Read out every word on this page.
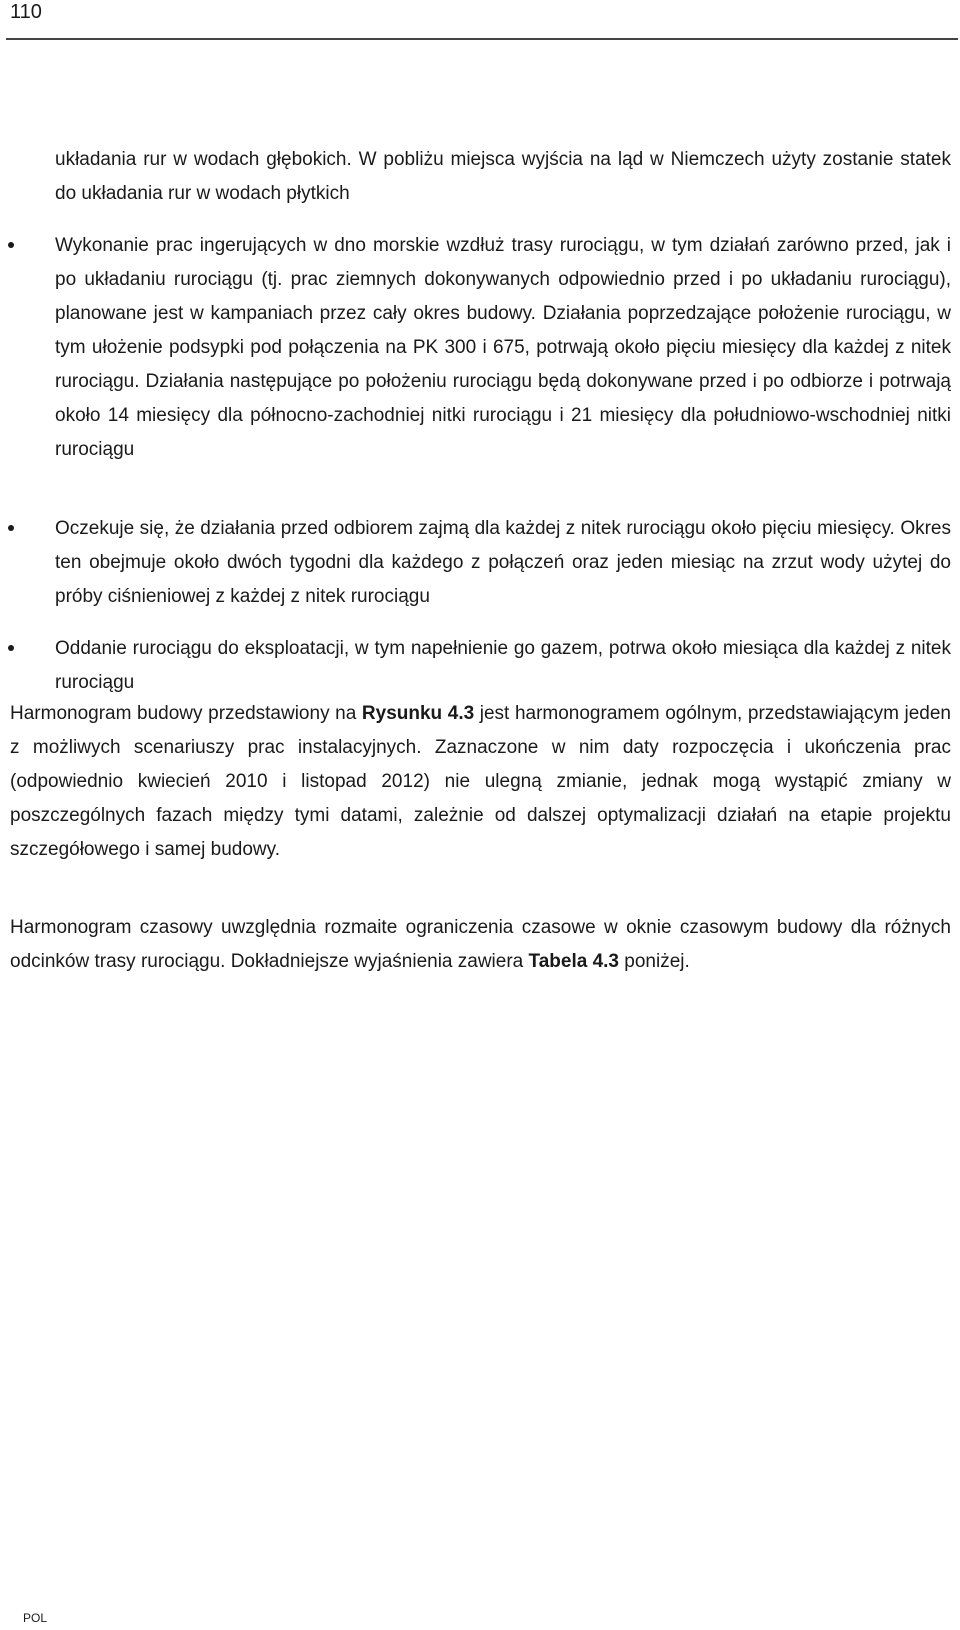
110

układania rur w wodach głębokich. W pobliżu miejsca wyjścia na ląd w Niemczech użyty zostanie statek do układania rur w wodach płytkich

Wykonanie prac ingerujących w dno morskie wzdłuż trasy rurociągu, w tym działań zarówno przed, jak i po układaniu rurociągu (tj. prac ziemnych dokonywanych odpowiednio przed i po układaniu rurociągu), planowane jest w kampaniach przez cały okres budowy. Działania poprzedzające położenie rurociągu, w tym ułożenie podsypki pod połączenia na PK 300 i 675, potrwają około pięciu miesięcy dla każdej z nitek rurociągu. Działania następujące po położeniu rurociągu będą dokonywane przed i po odbiorze i potrwają około 14 miesięcy dla północno-zachodniej nitki rurociągu i 21 miesięcy dla południowo-wschodniej nitki rurociągu

Oczekuje się, że działania przed odbiorem zajmą dla każdej z nitek rurociągu około pięciu miesięcy. Okres ten obejmuje około dwóch tygodni dla każdego z połączeń oraz jeden miesiąc na zrzut wody użytej do próby ciśnieniowej z każdej z nitek rurociągu

Oddanie rurociągu do eksploatacji, w tym napełnienie go gazem, potrwa około miesiąca dla każdej z nitek rurociągu

Harmonogram budowy przedstawiony na Rysunku 4.3 jest harmonogramem ogólnym, przedstawiającym jeden z możliwych scenariuszy prac instalacyjnych. Zaznaczone w nim daty rozpoczęcia i ukończenia prac (odpowiednio kwiecień 2010 i listopad 2012) nie ulegną zmianie, jednak mogą wystąpić zmiany w poszczególnych fazach między tymi datami, zależnie od dalszej optymalizacji działań na etapie projektu szczegółowego i samej budowy.

Harmonogram czasowy uwzględnia rozmaite ograniczenia czasowe w oknie czasowym budowy dla różnych odcinków trasy rurociągu. Dokładniejsze wyjaśnienia zawiera Tabela 4.3 poniżej.

POL
